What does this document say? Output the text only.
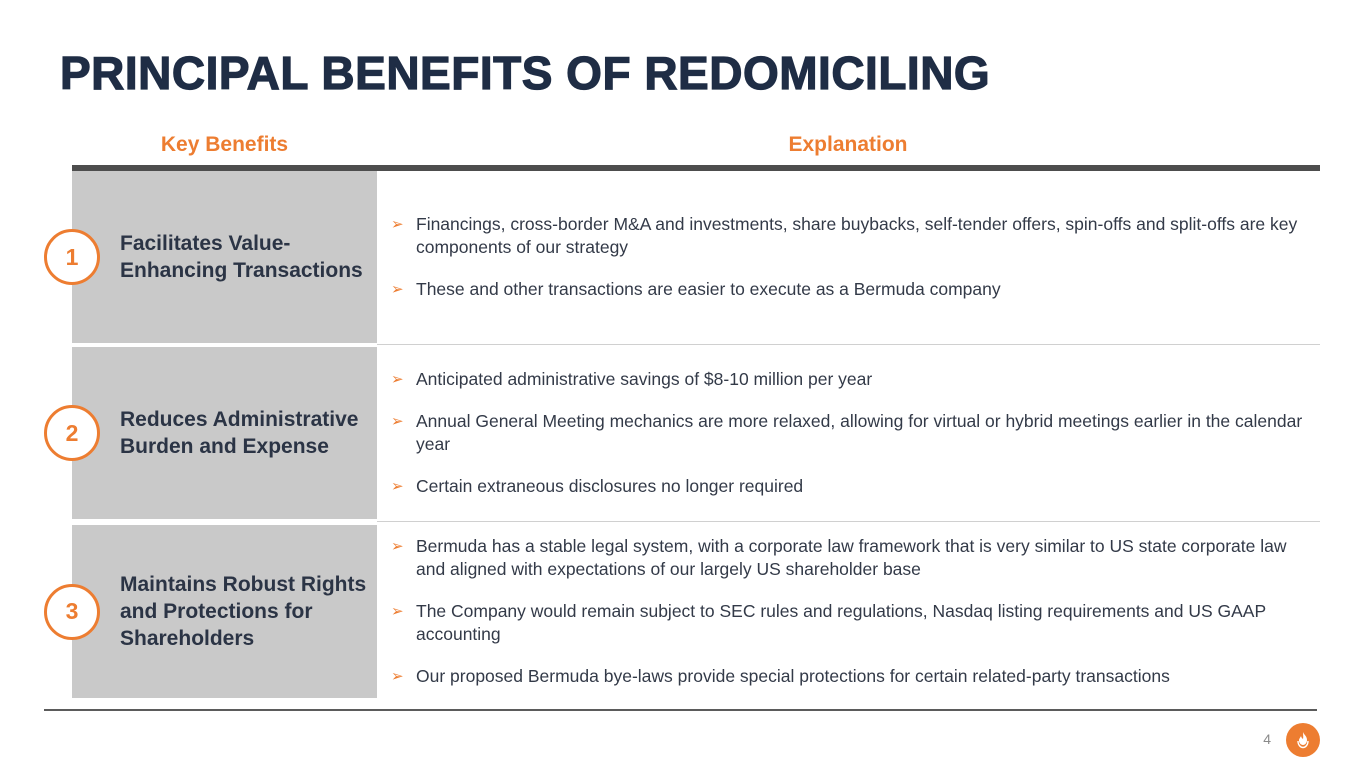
PRINCIPAL BENEFITS OF REDOMICILING
Key Benefits	Explanation
Facilitates Value-Enhancing Transactions
1
➢ Financings, cross-border M&A and investments, share buybacks, self-tender offers, spin-offs and split-offs are key components of our strategy
➢ These and other transactions are easier to execute as a Bermuda company
Reduces Administrative Burden and Expense
2
➢ Anticipated administrative savings of $8-10 million per year
➢ Annual General Meeting mechanics are more relaxed, allowing for virtual or hybrid meetings earlier in the calendar year
➢ Certain extraneous disclosures no longer required
Maintains Robust Rights and Protections for Shareholders
3
➢ Bermuda has a stable legal system, with a corporate law framework that is very similar to US state corporate law and aligned with expectations of our largely US shareholder base
➢ The Company would remain subject to SEC rules and regulations, Nasdaq listing requirements and US GAAP accounting
➢ Our proposed Bermuda bye-laws provide special protections for certain related-party transactions
4
